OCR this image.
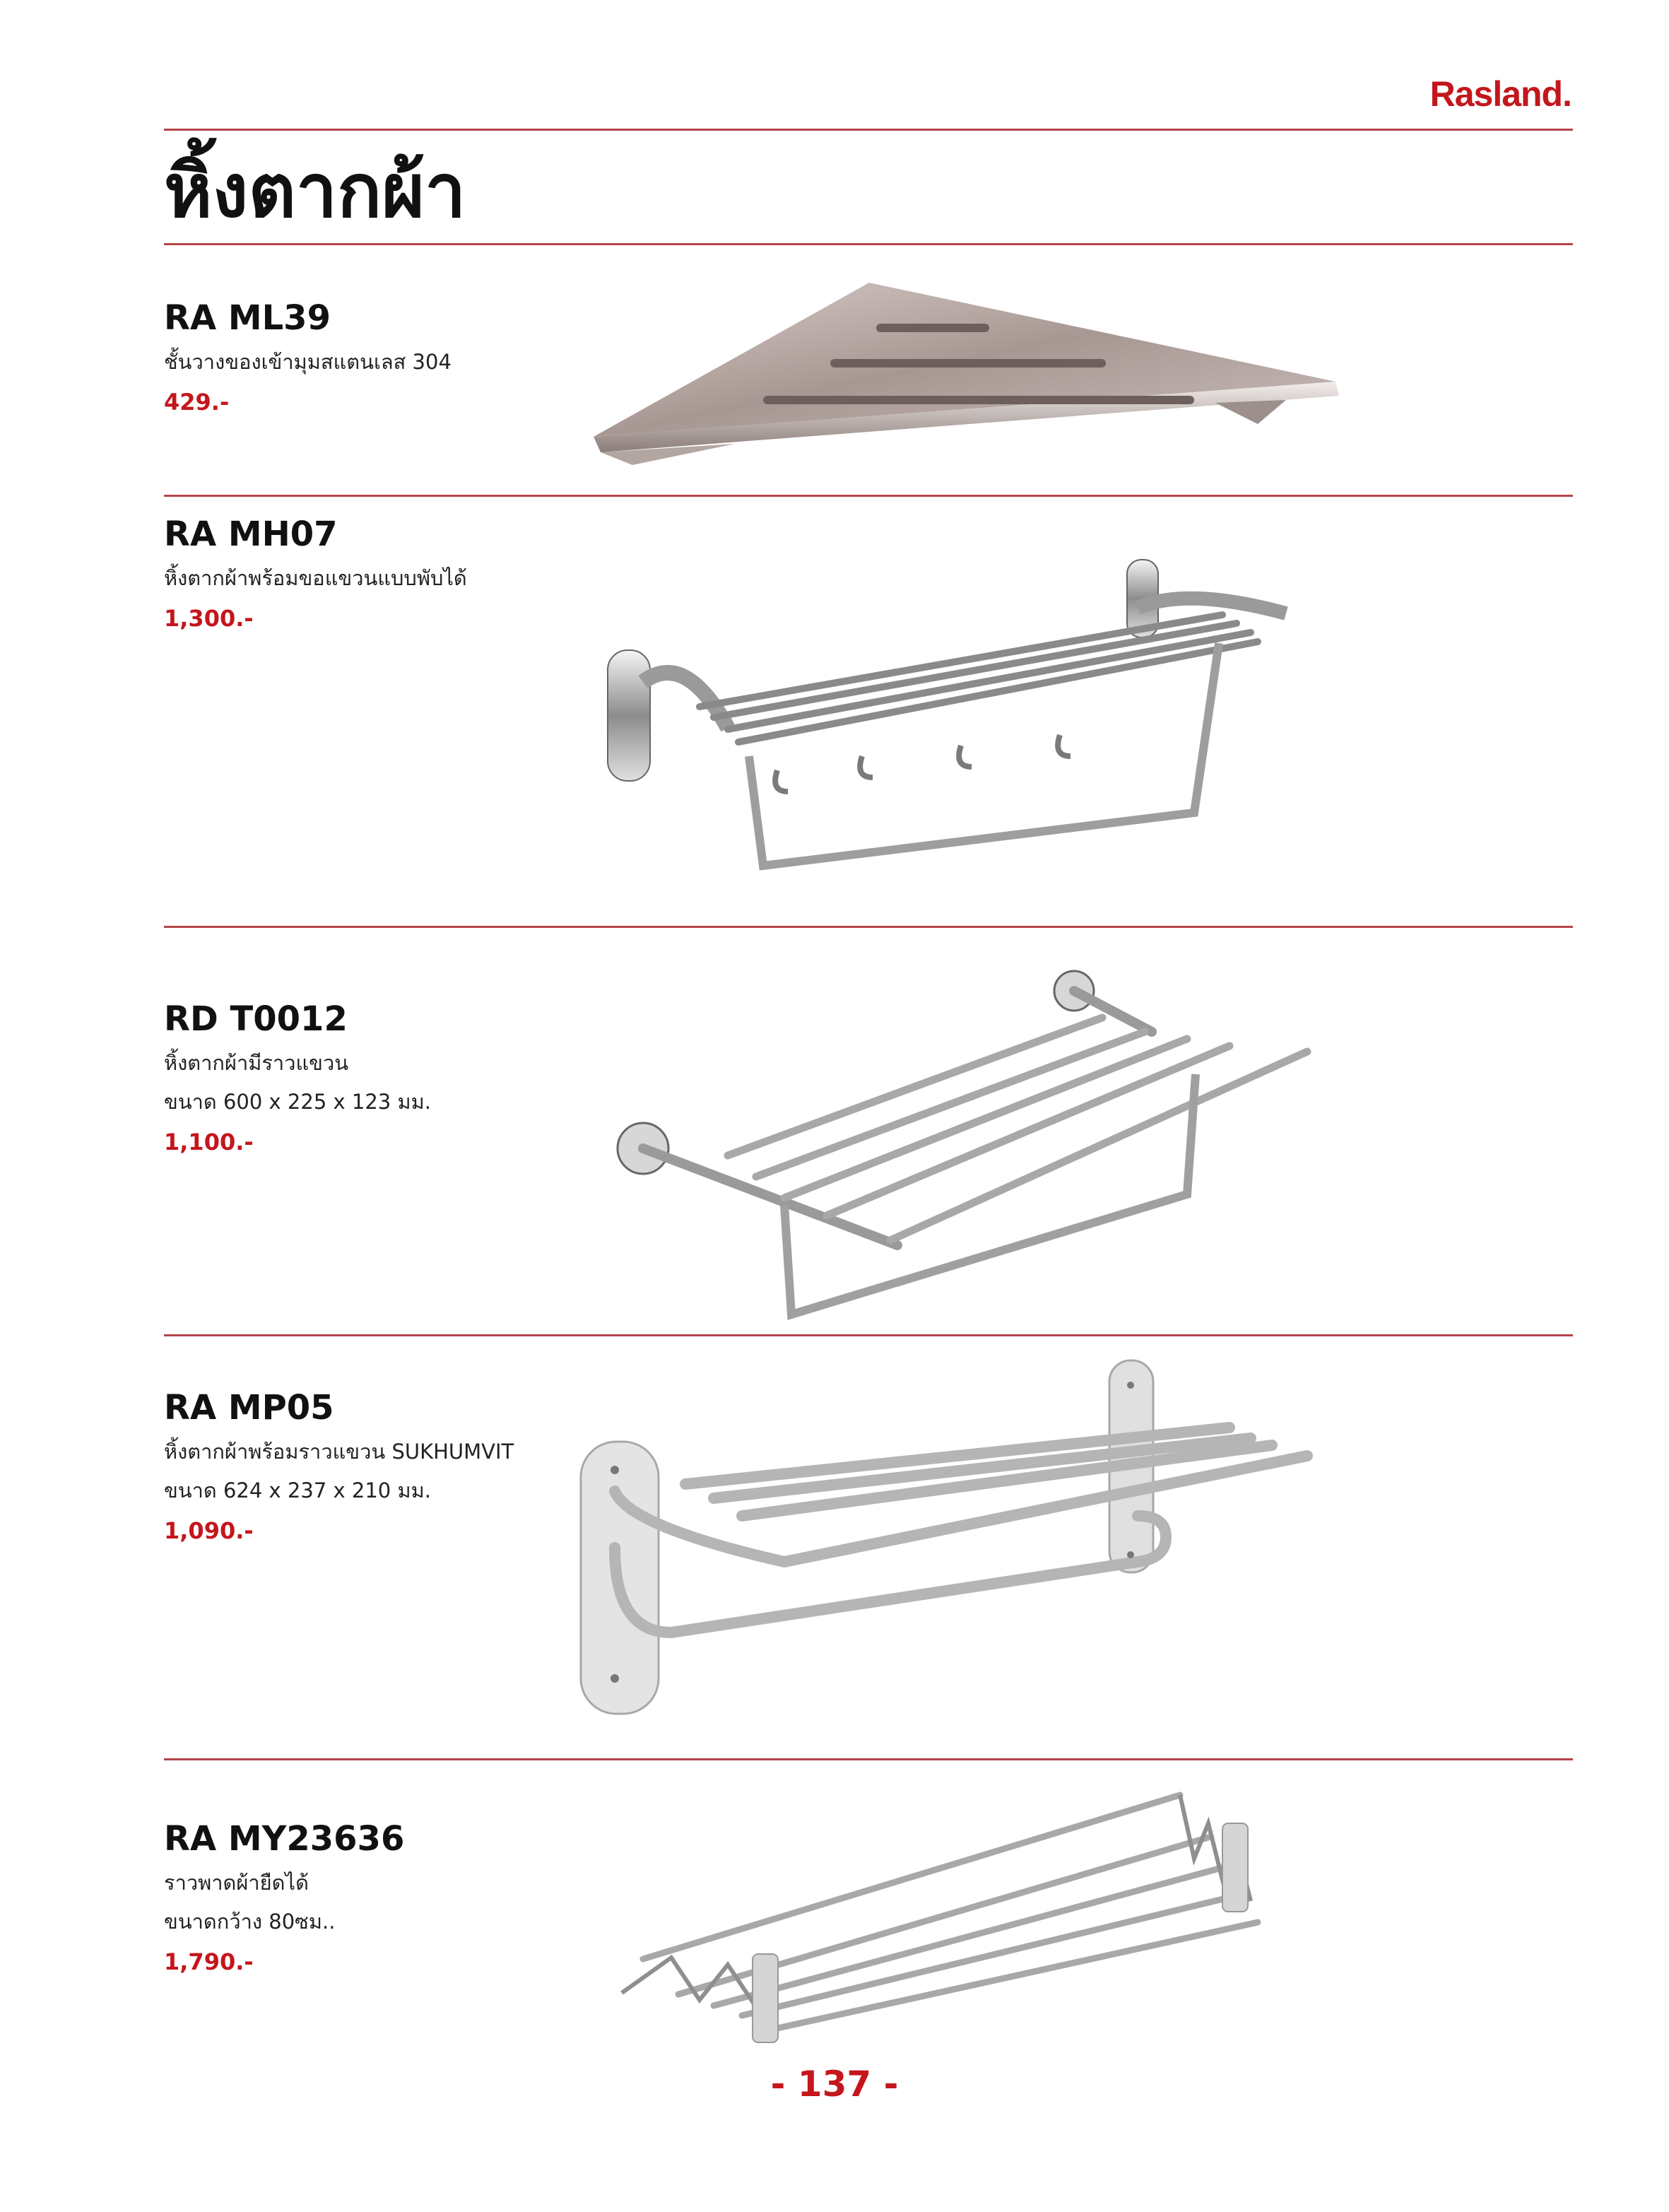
Rasland.
หิ้งตากผ้า

RA ML39

ชั้นวางของเข้ามุมสแตนเลส 304

429.-

RA MH07

หิ้งตากผ้าพร้อมขอแขวนแบบพับได้

1,300.-

RD T0012

หิ้งตากผ้ามีราวแขวน

ขนาด 600 x 225 x 123 มม.

1,100.-

RA MP05

หิ้งตากผ้าพร้อมราวแขวน SUKHUMVIT

ขนาด 624 x 237 x 210 มม.

1,090.-

RA MY23636

ราวพาดผ้ายืดได้

ขนาดกว้าง 80ซม..

1,790.-

- 137 -
